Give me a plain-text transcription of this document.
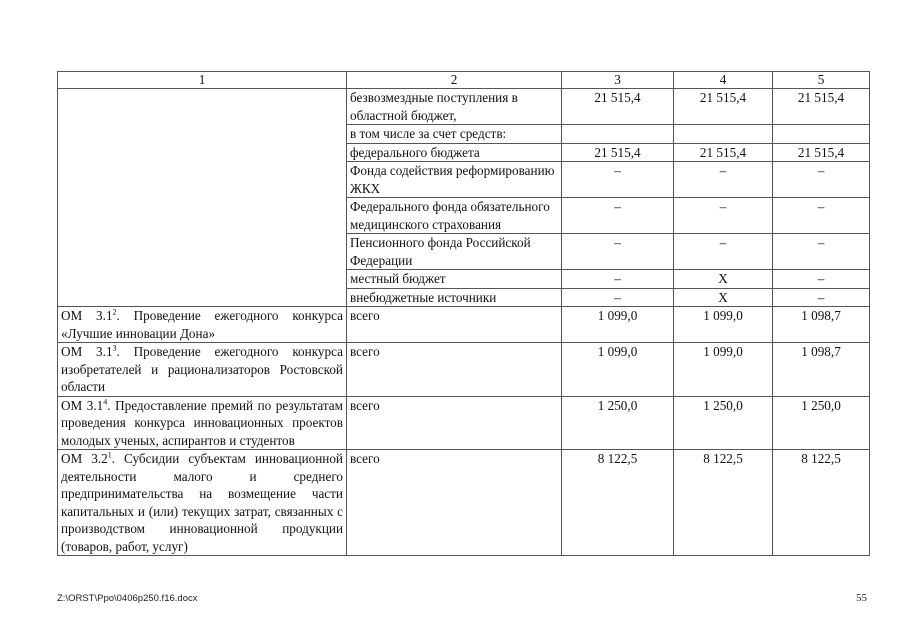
1	2	3	4	5
	безвозмездные поступления в областной бюджет,	21 515,4	21 515,4	21 515,4
	в том числе за счет средств:			
	федерального бюджета	21 515,4	21 515,4	21 515,4
	Фонда содействия реформированию ЖКХ	–	–	–
	Федерального фонда обязательного медицинского страхования	–	–	–
	Пенсионного фонда Российской Федерации	–	–	–
	местный бюджет	–	Х	–
	внебюджетные источники	–	Х	–
ОМ $3.1^2$. Проведение ежегодного конкурса «Лучшие инновации Дона»	всего	1 099,0	1 099,0	1 098,7
ОМ $3.1^3$. Проведение ежегодного конкурса изобретателей и рационализаторов Ростовской области	всего	1 099,0	1 099,0	1 098,7
ОМ $3.1^4$. Предоставление премий по результатам проведения конкурса инновационных проектов молодых ученых, аспирантов и студентов	всего	1 250,0	1 250,0	1 250,0
ОМ $3.2^1$. Субсидии субъектам инновационной деятельности малого и среднего предпринимательства на возмещение части капитальных и (или) текущих затрат, связанных с производством инновационной продукции (товаров, работ, услуг)	всего	8 122,5	8 122,5	8 122,5
Z:\ORST\Ppo\0406p250.f16.docx	55
